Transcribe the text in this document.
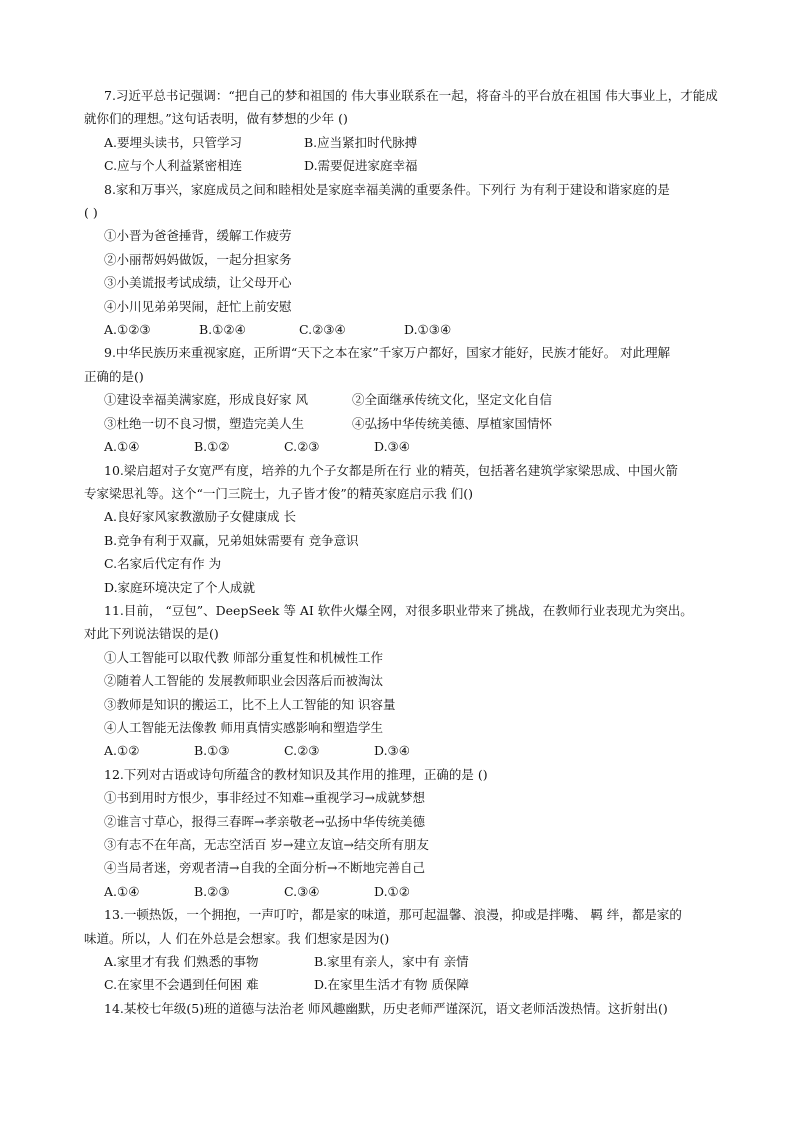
7.习近平总书记强调：“把自己的梦和祖国的 伟大事业联系在一起，将奋斗的平台放在祖国 伟大事业上，才能成就你们的理想。”这句话表明，做有梦想的少年 ()
A.要埋头读书，只管学习	B.应当紧扣时代脉搏
C.应与个人利益紧密相连	D.需要促进家庭幸福
8.家和万事兴，家庭成员之间和睦相处是家庭幸福美满的重要条件。下列行 为有利于建设和谐家庭的是
( )
①小晋为爸爸捶背，缓解工作疲劳
②小丽帮妈妈做饭，一起分担家务
③小美谎报考试成绩，让父母开心
④小川见弟弟哭闹，赶忙上前安慰
A.①②③	B.①②④	C.②③④	D.①③④
9.中华民族历来重视家庭，正所谓“天下之本在家”千家万户都好，国家才能好，民族才能好。 对此理解
正确的是()
①建设幸福美满家庭，形成良好家 风	②全面继承传统文化，坚定文化自信
③杜绝一切不良习惯，塑造完美人生	④弘扬中华传统美德、厚植家国情怀
A.①④	B.①②	C.②③	D.③④
10.梁启超对子女宽严有度，培养的九个子女都是所在行 业的精英，包括著名建筑学家梁思成、中国火箭
专家梁思礼等。这个“一门三院士，九子皆才俊”的精英家庭启示我 们()
A.良好家风家教激励子女健康成 长
B.竞争有利于双赢，兄弟姐妹需要有 竞争意识
C.名家后代定有作 为
D.家庭环境决定了个人成就
11.目前， “豆包”、DeepSeek 等 AI 软件火爆全网，对很多职业带来了挑战，在教师行业表现尤为突出。
对此下列说法错误的是()
①人工智能可以取代教 师部分重复性和机械性工作
②随着人工智能的 发展教师职业会因落后而被淘汰
③教师是知识的搬运工，比不上人工智能的知 识容量
④人工智能无法像教 师用真情实感影响和塑造学生
A.①②	B.①③	C.②③	D.③④
12.下列对古语或诗句所蕴含的教材知识及其作用的推理，正确的是 ()
①书到用时方恨少，事非经过不知难→重视学习→成就梦想
②谁言寸草心，报得三春晖→孝亲敬老→弘扬中华传统美德
③有志不在年高，无志空活百 岁→建立友谊→结交所有朋友
④当局者迷，旁观者清→自我的全面分析→不断地完善自己
A.①④	B.②③	C.③④	D.①②
13.一顿热饭，一个拥抱，一声叮咛，都是家的味道，那可起温馨、浪漫，抑或是拌嘴、 羁 绊，都是家的
味道。所以，人 们在外总是会想家。我 们想家是因为()
A.家里才有我 们熟悉的事物	B.家里有亲人，家中有 亲情
C.在家里不会遇到任何困 难	D.在家里生活才有物 质保障
14.某校七年级(5)班的道德与法治老 师风趣幽默，历史老师严谨深沉，语文老师活泼热情。这折射出()
